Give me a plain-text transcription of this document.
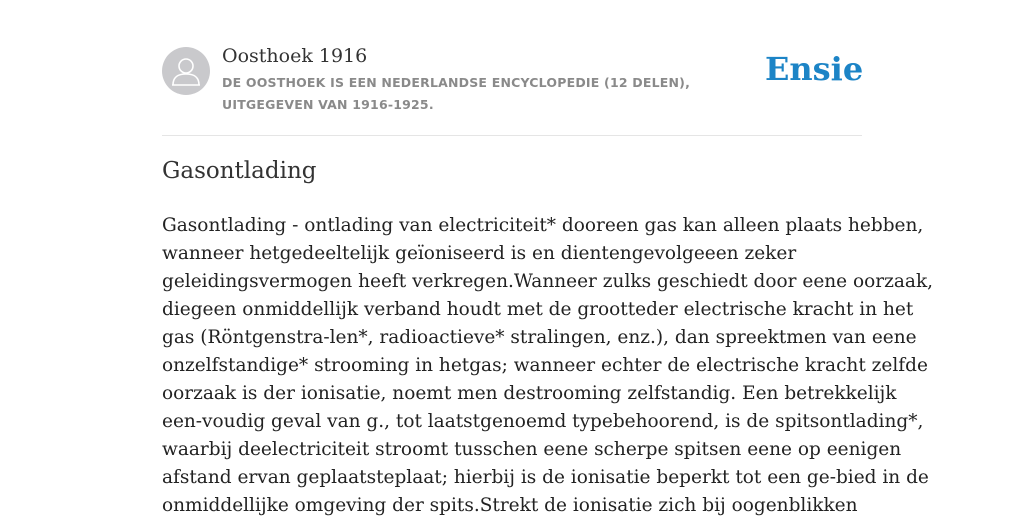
Oosthoek 1916

DE OOSTHOEK IS EEN NEDERLANDSE ENCYCLOPEDIE (12 DELEN), UITGEGEVEN VAN 1916-1925.

Ensie
Gasontlading
Gasontlading - ontlading van electriciteit* dooreen gas kan alleen plaats hebben,
wanneer hetgedeeltelijk geïoniseerd is en dientengevolgeeen zeker
geleidingsvermogen heeft verkregen.Wanneer zulks geschiedt door eene oorzaak,
diegeen onmiddellijk verband houdt met de grootteder electrische kracht in het
gas (Röntgenstra-len*, radioactieve* stralingen, enz.), dan spreektmen van eene
onzelfstandige* strooming in hetgas; wanneer echter de electrische kracht zelfde
oorzaak is der ionisatie, noemt men destrooming zelfstandig. Een betrekkelijk
een-voudig geval van g., tot laatstgenoemd typebehoorend, is de spitsontlading*,
waarbij deelectriciteit stroomt tusschen eene scherpe spitsen eene op eenigen
afstand ervan geplaatsteplaat; hierbij is de ionisatie beperkt tot een ge-bied in de
onmiddellijke omgeving der spits.Strekt de ionisatie zich bij oogenblikken
